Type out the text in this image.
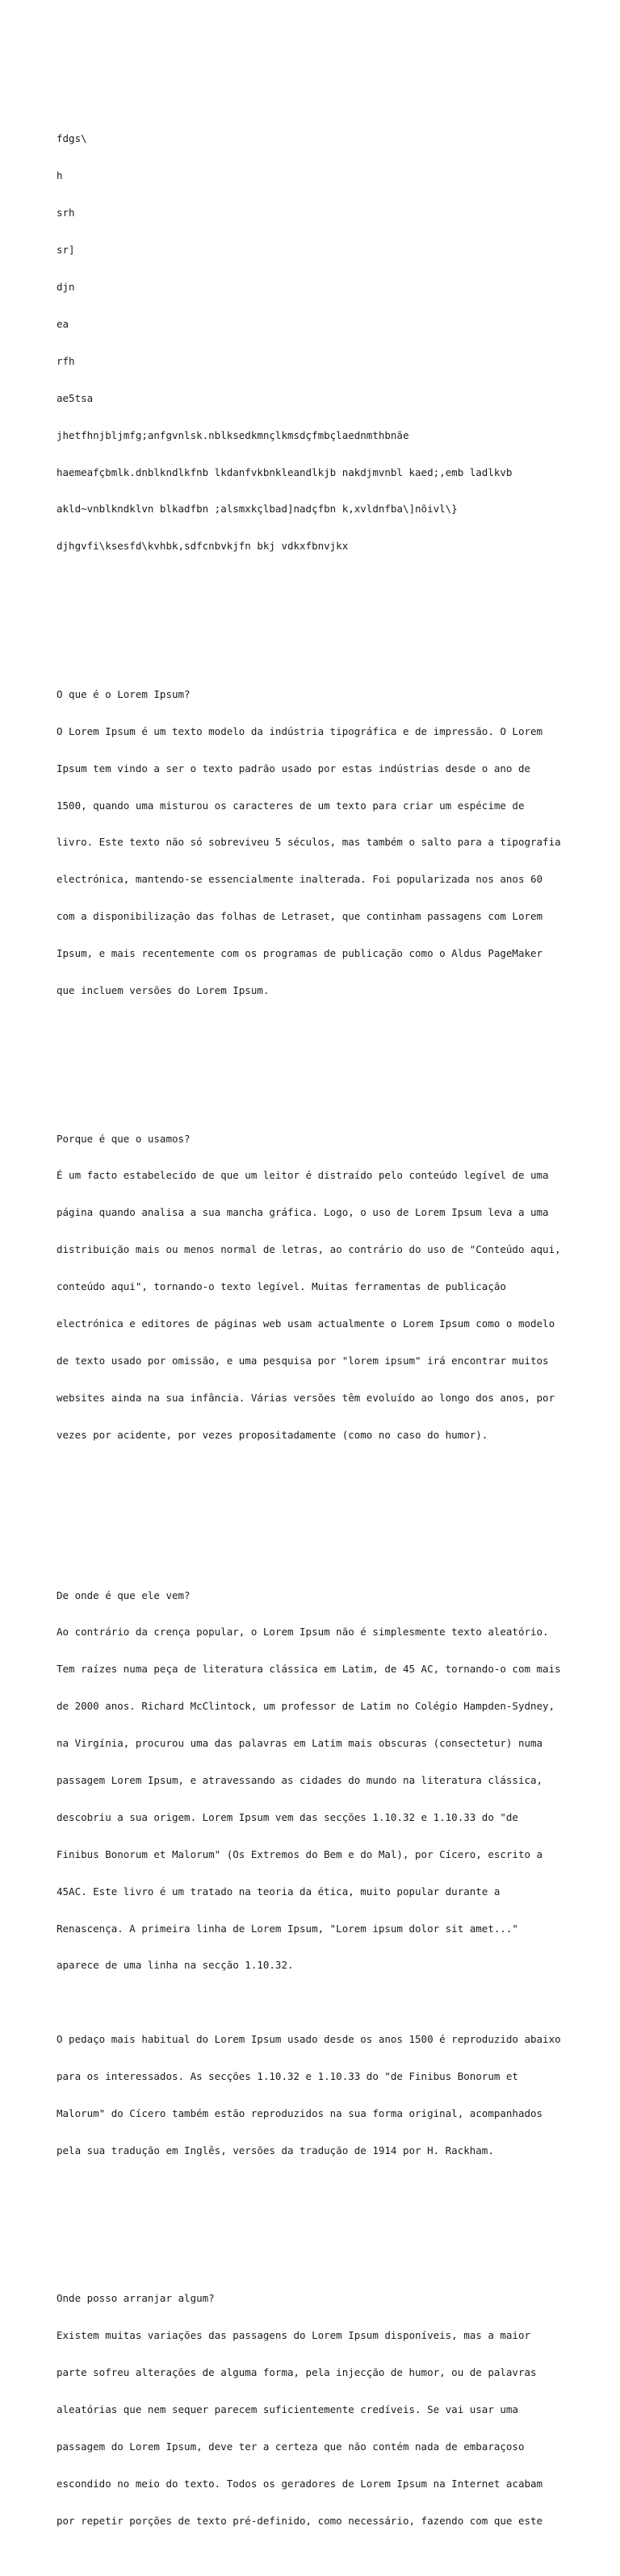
fdgs\

h

srh

sr]

djn

ea

rfh

ae5tsa

jhetfhnjbljmfg;anfgvnlsk.nblksedkmnçlkmsdçfmbçlaednmthbnãe

haemeafçbmlk.dnblkndlkfnb lkdanfvkbnkleandlkjb nakdjmvnbl kaed;,emb ladlkvb

akld~vnblkndklvn blkadfbn ;alsmxkçlbad]nadçfbn k,xvldnfba\]nõivl\}

djhgvfi\ksesfd\kvhbk,sdfcnbvkjfn bkj vdkxfbnvjkx

O que é o Lorem Ipsum?

O Lorem Ipsum é um texto modelo da indústria tipográfica e de impressão. O Lorem

Ipsum tem vindo a ser o texto padrão usado por estas indústrias desde o ano de

1500, quando uma misturou os caracteres de um texto para criar um espécime de

livro. Este texto não só sobreviveu 5 séculos, mas também o salto para a tipografia

electrónica, mantendo-se essencialmente inalterada. Foi popularizada nos anos 60

com a disponibilização das folhas de Letraset, que continham passagens com Lorem

Ipsum, e mais recentemente com os programas de publicação como o Aldus PageMaker

que incluem versões do Lorem Ipsum.

Porque é que o usamos?

É um facto estabelecido de que um leitor é distraído pelo conteúdo legível de uma

página quando analisa a sua mancha gráfica. Logo, o uso de Lorem Ipsum leva a uma

distribuição mais ou menos normal de letras, ao contrário do uso de "Conteúdo aqui,

conteúdo aqui", tornando-o texto legível. Muitas ferramentas de publicação

electrónica e editores de páginas web usam actualmente o Lorem Ipsum como o modelo

de texto usado por omissão, e uma pesquisa por "lorem ipsum" irá encontrar muitos

websites ainda na sua infância. Várias versões têm evoluído ao longo dos anos, por

vezes por acidente, por vezes propositadamente (como no caso do humor).

De onde é que ele vem?

Ao contrário da crença popular, o Lorem Ipsum não é simplesmente texto aleatório.

Tem raízes numa peça de literatura clássica em Latim, de 45 AC, tornando-o com mais

de 2000 anos. Richard McClintock, um professor de Latim no Colégio Hampden-Sydney,

na Virgínia, procurou uma das palavras em Latim mais obscuras (consectetur) numa

passagem Lorem Ipsum, e atravessando as cidades do mundo na literatura clássica,

descobriu a sua origem. Lorem Ipsum vem das secções 1.10.32 e 1.10.33 do "de

Finibus Bonorum et Malorum" (Os Extremos do Bem e do Mal), por Cícero, escrito a

45AC. Este livro é um tratado na teoria da ética, muito popular durante a

Renascença. A primeira linha de Lorem Ipsum, "Lorem ipsum dolor sit amet..."

aparece de uma linha na secção 1.10.32.

O pedaço mais habitual do Lorem Ipsum usado desde os anos 1500 é reproduzido abaixo

para os interessados. As secções 1.10.32 e 1.10.33 do "de Finibus Bonorum et

Malorum" do Cícero também estão reproduzidos na sua forma original, acompanhados

pela sua tradução em Inglês, versões da tradução de 1914 por H. Rackham.

Onde posso arranjar algum?

Existem muitas variações das passagens do Lorem Ipsum disponíveis, mas a maior

parte sofreu alterações de alguma forma, pela injecção de humor, ou de palavras

aleatórias que nem sequer parecem suficientemente credíveis. Se vai usar uma

passagem do Lorem Ipsum, deve ter a certeza que não contém nada de embaraçoso

escondido no meio do texto. Todos os geradores de Lorem Ipsum na Internet acabam

por repetir porções de texto pré-definido, como necessário, fazendo com que este
